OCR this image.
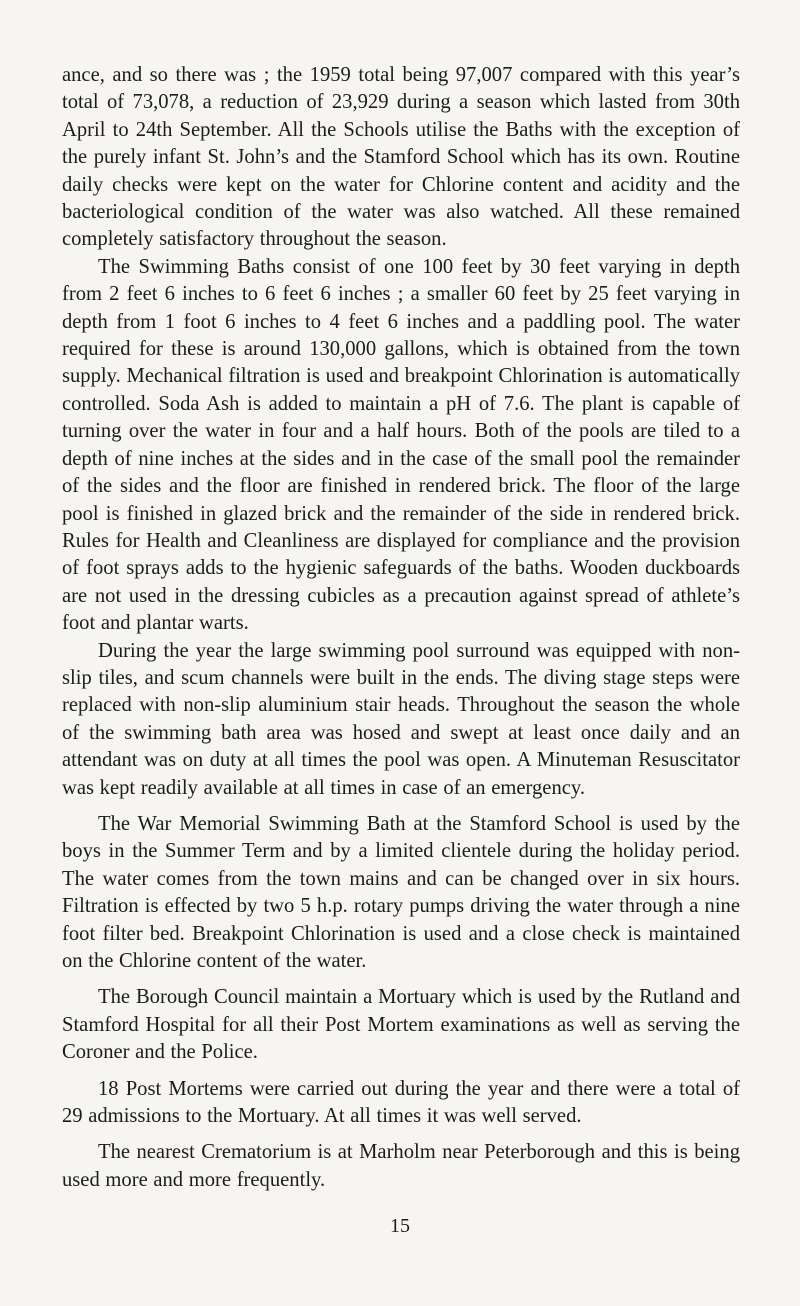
ance, and so there was ; the 1959 total being 97,007 compared with this year’s total of 73,078, a reduction of 23,929 during a season which lasted from 30th April to 24th September. All the Schools utilise the Baths with the exception of the purely infant St. John’s and the Stamford School which has its own. Routine daily checks were kept on the water for Chlorine content and acidity and the bacteriological condition of the water was also watched. All these remained completely satisfactory throughout the season.

The Swimming Baths consist of one 100 feet by 30 feet varying in depth from 2 feet 6 inches to 6 feet 6 inches ; a smaller 60 feet by 25 feet varying in depth from 1 foot 6 inches to 4 feet 6 inches and a paddling pool. The water required for these is around 130,000 gallons, which is obtained from the town supply. Mechanical filtration is used and breakpoint Chlorination is automatically controlled. Soda Ash is added to maintain a pH of 7.6. The plant is capable of turning over the water in four and a half hours. Both of the pools are tiled to a depth of nine inches at the sides and in the case of the small pool the remainder of the sides and the floor are finished in rendered brick. The floor of the large pool is finished in glazed brick and the remainder of the side in rendered brick. Rules for Health and Cleanliness are displayed for compliance and the provision of foot sprays adds to the hygienic safeguards of the baths. Wooden duckboards are not used in the dressing cubicles as a precaution against spread of athlete’s foot and plantar warts.

During the year the large swimming pool surround was equipped with non-slip tiles, and scum channels were built in the ends. The diving stage steps were replaced with non-slip aluminium stair heads. Throughout the season the whole of the swimming bath area was hosed and swept at least once daily and an attendant was on duty at all times the pool was open. A Minuteman Resuscitator was kept readily available at all times in case of an emergency.

The War Memorial Swimming Bath at the Stamford School is used by the boys in the Summer Term and by a limited clientele during the holiday period. The water comes from the town mains and can be changed over in six hours. Filtration is effected by two 5 h.p. rotary pumps driving the water through a nine foot filter bed. Breakpoint Chlorination is used and a close check is maintained on the Chlorine content of the water.

The Borough Council maintain a Mortuary which is used by the Rutland and Stamford Hospital for all their Post Mortem examinations as well as serving the Coroner and the Police.

18 Post Mortems were carried out during the year and there were a total of 29 admissions to the Mortuary. At all times it was well served.

The nearest Crematorium is at Marholm near Peterborough and this is being used more and more frequently.

15
